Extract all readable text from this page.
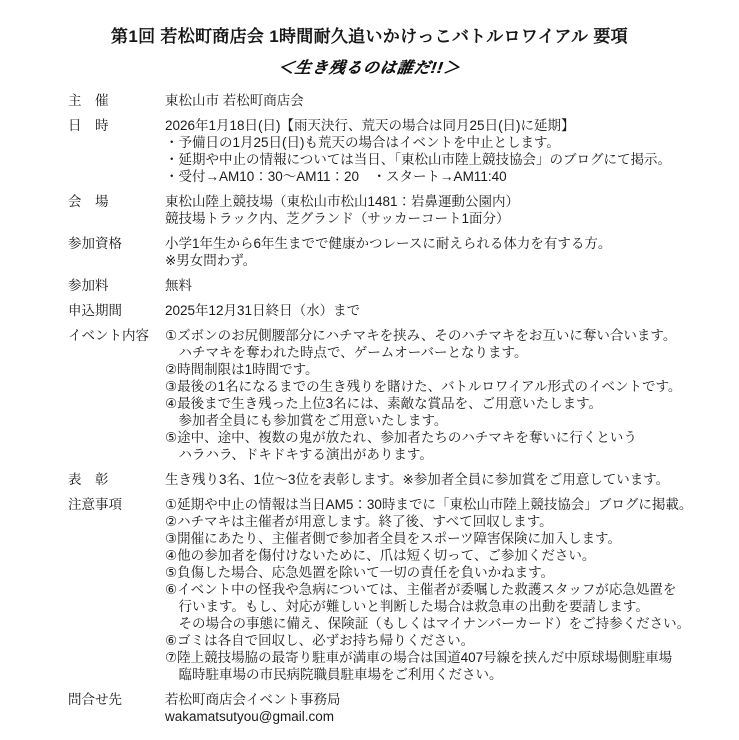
第1回 若松町商店会 1時間耐久追いかけっこバトルロワイアル 要項
＜生き残るのは誰だ!!＞
主　催	東松山市 若松町商店会
日　時	2026年1月18日(日)【雨天決行、荒天の場合は同月25日(日)に延期】
・予備日の1月25日(日)も荒天の場合はイベントを中止とします。
・延期や中止の情報については当日、「東松山市陸上競技協会」のブログにて掲示。
・受付→AM10：30～AM11：20　・スタート→AM11:40
会　場	東松山陸上競技場（東松山市松山1481：岩鼻運動公園内）
競技場トラック内、芝グランド（サッカーコート1面分）
参加資格	小学1年生から6年生までで健康かつレースに耐えられる体力を有する方。
※男女問わず。
参加料	無料
申込期間	2025年12月31日終日（水）まで
イベント内容	①ズボンのお尻側腰部分にハチマキを挟み、そのハチマキをお互いに奪い合います。
　ハチマキを奪われた時点で、ゲームオーバーとなります。
②時間制限は1時間です。
③最後の1名になるまでの生き残りを賭けた、バトルロワイアル形式のイベントです。
④最後まで生き残った上位3名には、素敵な賞品を、ご用意いたします。
　参加者全員にも参加賞をご用意いたします。
⑤途中、途中、複数の鬼が放たれ、参加者たちのハチマキを奪いに行くという
　ハラハラ、ドキドキする演出があります。
表　彰	生き残り3名、1位～3位を表彰します。※参加者全員に参加賞をご用意しています。
注意事項	①延期や中止の情報は当日AM5：30時までに「東松山市陸上競技協会」ブログに掲載。
②ハチマキは主催者が用意します。終了後、すべて回収します。
③開催にあたり、主催者側で参加者全員をスポーツ障害保険に加入します。
④他の参加者を傷付けないために、爪は短く切って、ご参加ください。
⑤負傷した場合、応急処置を除いて一切の責任を負いかねます。
⑥イベント中の怪我や急病については、主催者が委嘱した救護スタッフが応急処置を
　行います。もし、対応が難しいと判断した場合は救急車の出動を要請します。
　その場合の事態に備え、保険証（もしくはマイナンバーカード）をご持参ください。
⑥ゴミは各自で回収し、必ずお持ち帰りください。
⑦陸上競技場脇の最寄り駐車が満車の場合は国道407号線を挟んだ中原球場側駐車場
　臨時駐車場の市民病院職員駐車場をご利用ください。
問合せ先	若松町商店会イベント事務局
wakamatsutyou@gmail.com
